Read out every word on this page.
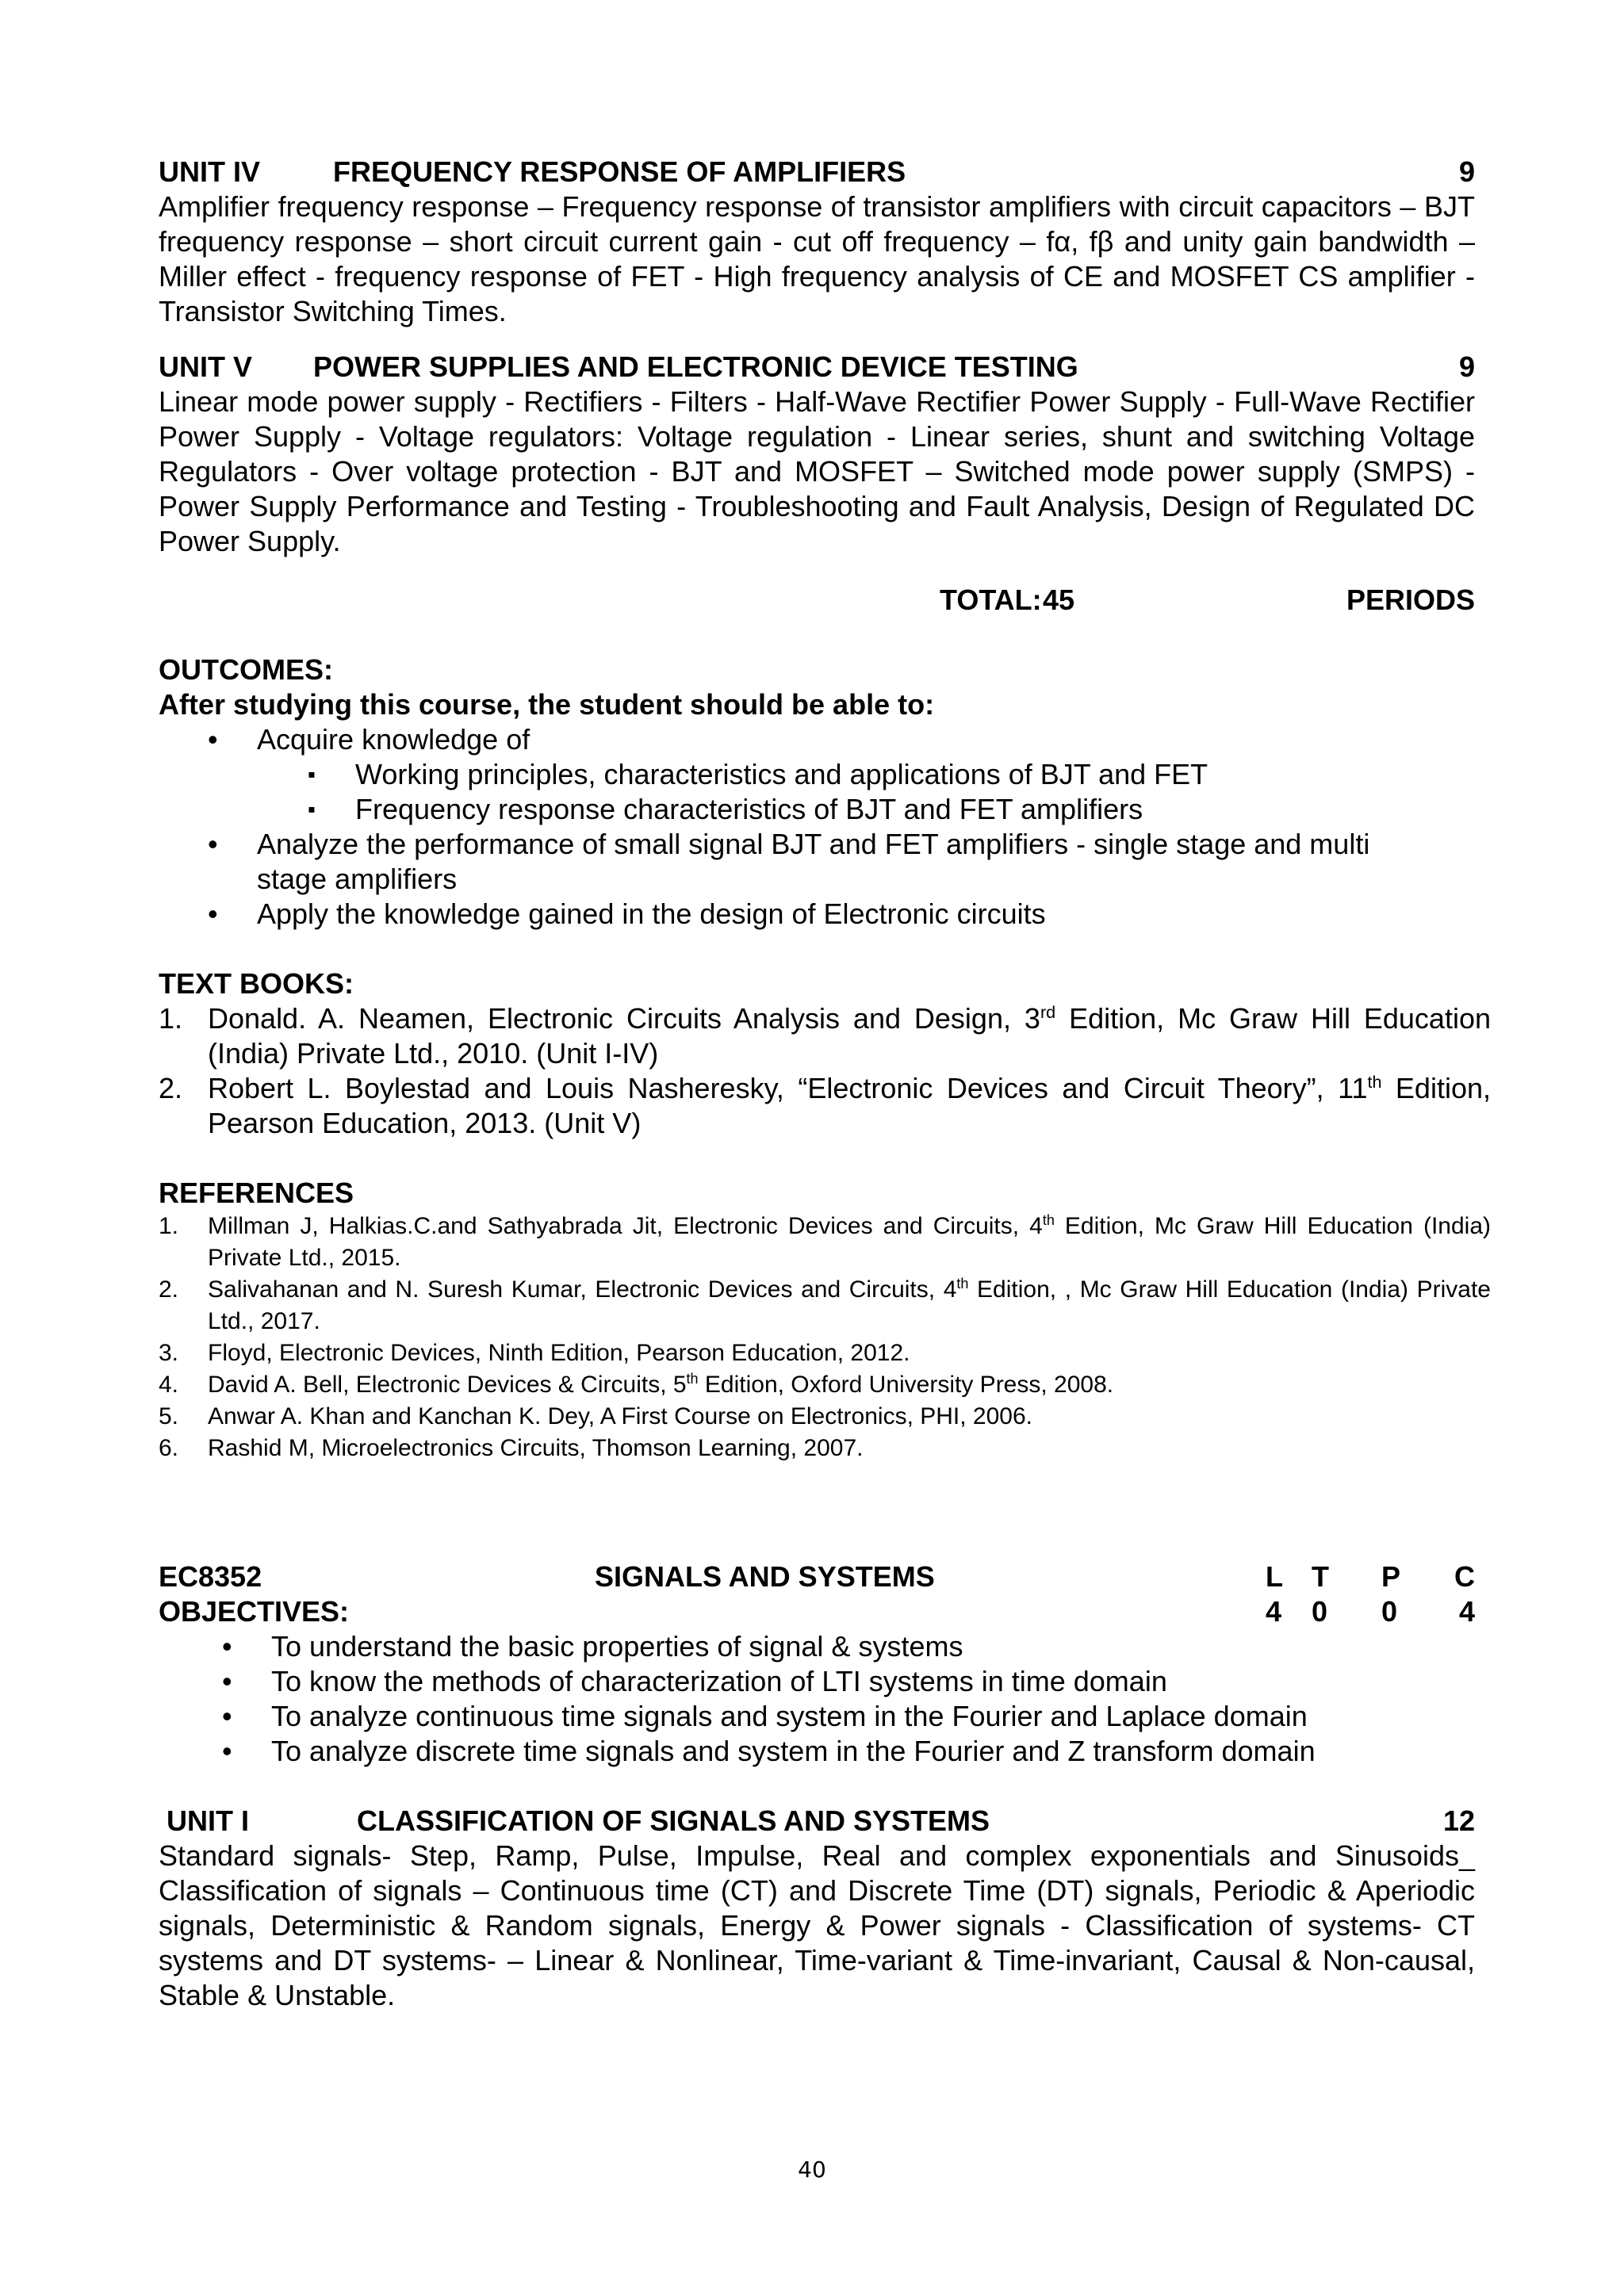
UNIT IV	FREQUENCY RESPONSE OF AMPLIFIERS	9

Amplifier frequency response – Frequency response of transistor amplifiers with circuit capacitors – BJT frequency response – short circuit current gain - cut off frequency – fα, fβ and unity gain bandwidth – Miller effect - frequency response of FET - High frequency analysis of CE and MOSFET CS amplifier - Transistor Switching Times.

UNIT V	POWER SUPPLIES AND ELECTRONIC DEVICE TESTING	9

Linear mode power supply - Rectifiers - Filters - Half-Wave Rectifier Power Supply - Full-Wave Rectifier Power Supply - Voltage regulators: Voltage regulation - Linear series, shunt and switching Voltage Regulators - Over voltage protection - BJT and MOSFET – Switched mode power supply (SMPS) - Power Supply Performance and Testing - Troubleshooting and Fault Analysis, Design of Regulated DC Power Supply.

TOTAL: 45	PERIODS
OUTCOMES:
After studying this course, the student should be able to:
• Acquire knowledge of
▪ Working principles, characteristics and applications of BJT and FET
▪ Frequency response characteristics of BJT and FET amplifiers
• Analyze the performance of small signal BJT and FET amplifiers - single stage and multi stage amplifiers
• Apply the knowledge gained in the design of Electronic circuits
TEXT BOOKS:
1. Donald. A. Neamen, Electronic Circuits Analysis and Design, 3rd Edition, Mc Graw Hill Education (India) Private Ltd., 2010. (Unit I-IV)
2. Robert L. Boylestad and Louis Nasheresky, “Electronic Devices and Circuit Theory”, 11th Edition, Pearson Education, 2013. (Unit V)
REFERENCES
1. Millman J, Halkias.C.and Sathyabrada Jit, Electronic Devices and Circuits, 4th Edition, Mc Graw Hill Education (India) Private Ltd., 2015.
2. Salivahanan and N. Suresh Kumar, Electronic Devices and Circuits, 4th Edition, , Mc Graw Hill Education (India) Private Ltd., 2017.
3. Floyd, Electronic Devices, Ninth Edition, Pearson Education, 2012.
4. David A. Bell, Electronic Devices & Circuits, 5th Edition, Oxford University Press, 2008.
5. Anwar A. Khan and Kanchan K. Dey, A First Course on Electronics, PHI, 2006.
6. Rashid M, Microelectronics Circuits, Thomson Learning, 2007.
EC8352	SIGNALS AND SYSTEMS	L	T	P	C
4	0	0	4
OBJECTIVES:
• To understand the basic properties of signal & systems
• To know the methods of characterization of LTI systems in time domain
• To analyze continuous time signals and system in the Fourier and Laplace domain
• To analyze discrete time signals and system in the Fourier and Z transform domain
UNIT I	CLASSIFICATION OF SIGNALS AND SYSTEMS	12

Standard signals- Step, Ramp, Pulse, Impulse, Real and complex exponentials and Sinusoids_ Classification of signals – Continuous time (CT) and Discrete Time (DT) signals, Periodic & Aperiodic signals, Deterministic & Random signals, Energy & Power signals - Classification of systems- CT systems and DT systems- – Linear & Nonlinear, Time-variant & Time-invariant, Causal & Non-causal, Stable & Unstable.

40
